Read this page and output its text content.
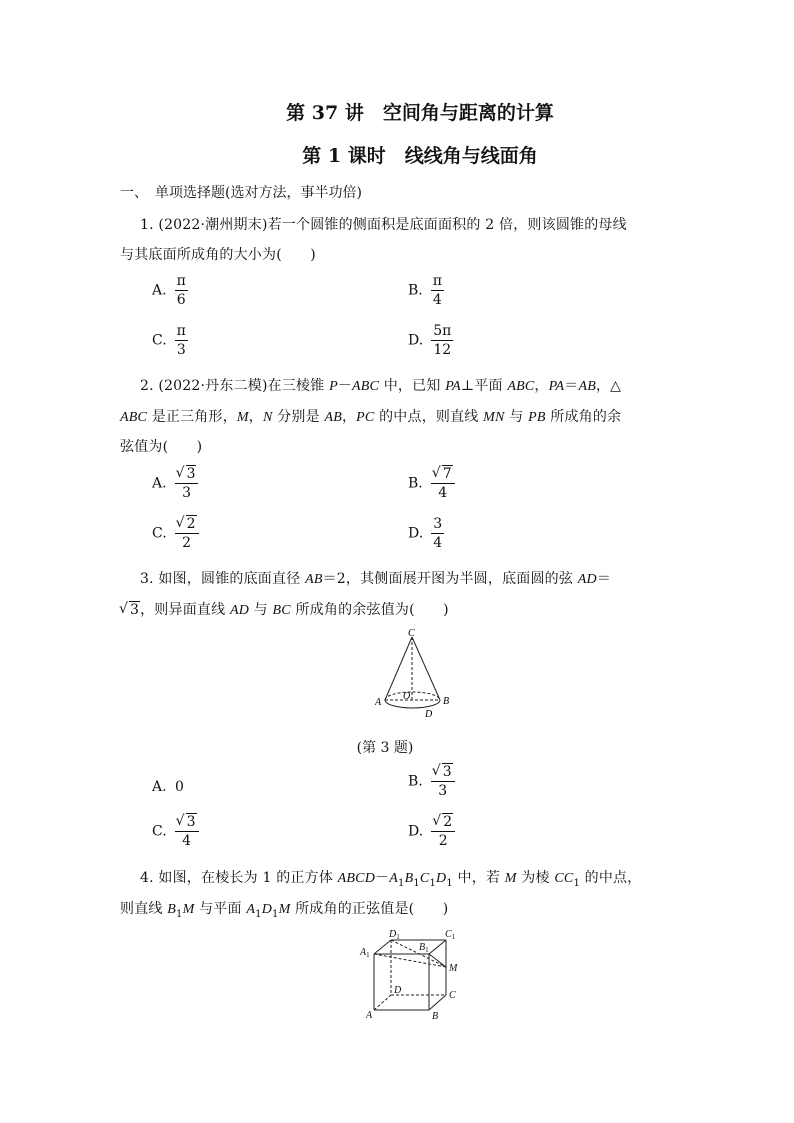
第 37 讲　空间角与距离的计算
第 1 课时　线线角与线面角
一、　单项选择题(选对方法，事半功倍)
1. (2022·潮州期末)若一个圆锥的侧面积是底面面积的 2 倍，则该圆锥的母线
与其底面所成角的大小为(　　)
A. $\frac{\pi}{6}$	B. $\frac{\pi}{4}$
C. $\frac{\pi}{3}$	D. $\frac{5\pi}{12}$
2. (2022·丹东二模)在三棱锥 P－ABC 中，已知 PA⊥平面 ABC，PA＝AB，△
ABC 是正三角形，M，N 分别是 AB，PC 的中点，则直线 MN 与 PB 所成角的余
弦值为(　　)
A. √ $\frac{3}{3}$	B. √ $\frac{7}{4}$
C. √ $\frac{2}{2}$	D. $\frac{3}{4}$
3. 如图，圆锥的底面直径 AB＝2，其侧面展开图为半圆，底面圆的弦 AD＝
√ 3，则异面直线 AD 与 BC 所成角的余弦值为(　　)
C
O
A	B
D
(第 3 题)
A. 0	B. √ $\frac{3}{3}$
C. √ $\frac{3}{4}$	D. √ $\frac{2}{2}$
4. 如图，在棱长为 1 的正方体 $ABCD-A_1B_1C_1D_1$ 中，若 M 为棱 $CC_1$ 的中点，
则直线 $B_1M$ 与平面 $A_1D_1M$ 所成角的正弦值是(　　)
$D_1$	$C_1$
$A_1$
$B_1$
M
D	C
A	B
